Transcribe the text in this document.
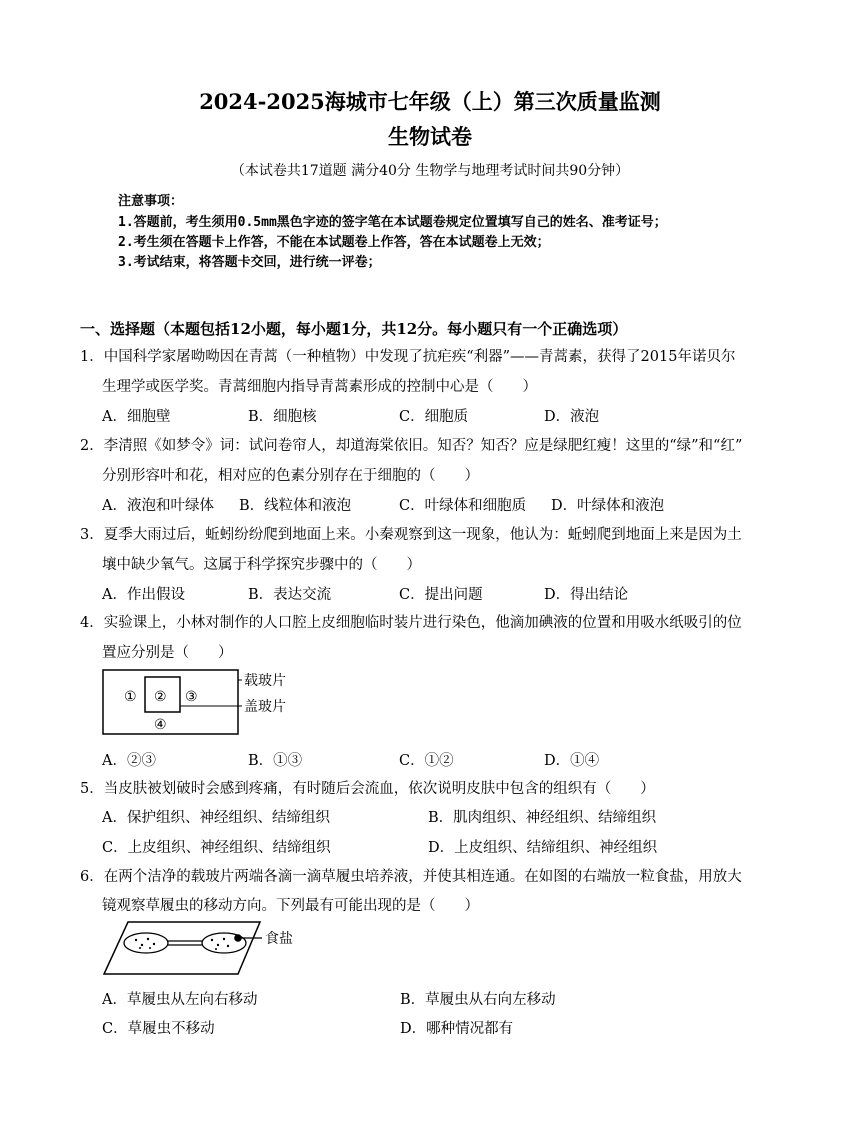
2024-2025海城市七年级（上）第三次质量监测
生物试卷
（本试卷共17道题 满分40分 生物学与地理考试时间共90分钟）
注意事项：
1.答题前，考生须用0.5mm黑色字迹的签字笔在本试题卷规定位置填写自己的姓名、准考证号；
2.考生须在答题卡上作答，不能在本试题卷上作答，答在本试题卷上无效；
3.考试结束，将答题卡交回，进行统一评卷；
一、选择题（本题包括12小题，每小题1分，共12分。每小题只有一个正确选项）
1．中国科学家屠呦呦因在青蒿（一种植物）中发现了抗疟疾“利器”——青蒿素，获得了2015年诺贝尔
生理学或医学奖。青蒿细胞内指导青蒿素形成的控制中心是（　　）
A．细胞壁	B．细胞核	C．细胞质	D．液泡
2．李清照《如梦令》词：试问卷帘人，却道海棠依旧。知否？知否？应是绿肥红瘦！这里的“绿”和“红”
分别形容叶和花，相对应的色素分别存在于细胞的（　　）
A．液泡和叶绿体 B．线粒体和液泡	C．叶绿体和细胞质 D．叶绿体和液泡
3．夏季大雨过后，蚯蚓纷纷爬到地面上来。小秦观察到这一现象，他认为：蚯蚓爬到地面上来是因为土
壤中缺少氧气。这属于科学探究步骤中的（　　）
A．作出假设	B．表达交流	C．提出问题	D．得出结论
4．实验课上，小林对制作的人口腔上皮细胞临时装片进行染色，他滴加碘液的位置和用吸水纸吸引的位
置应分别是（　　）
① ② ③
④
载玻片
盖玻片
A．②③	B．①③	C．①②	D．①④
5．当皮肤被划破时会感到疼痛，有时随后会流血，依次说明皮肤中包含的组织有（　　）
A．保护组织、神经组织、结缔组织	B．肌肉组织、神经组织、结缔组织
C．上皮组织、神经组织、结缔组织	D．上皮组织、结缔组织、神经组织
6．在两个洁净的载玻片两端各滴一滴草履虫培养液，并使其相连通。在如图的右端放一粒食盐，用放大
镜观察草履虫的移动方向。下列最有可能出现的是（　　）
食盐
A．草履虫从左向右移动	B．草履虫从右向左移动
C．草履虫不移动	D．哪种情况都有
